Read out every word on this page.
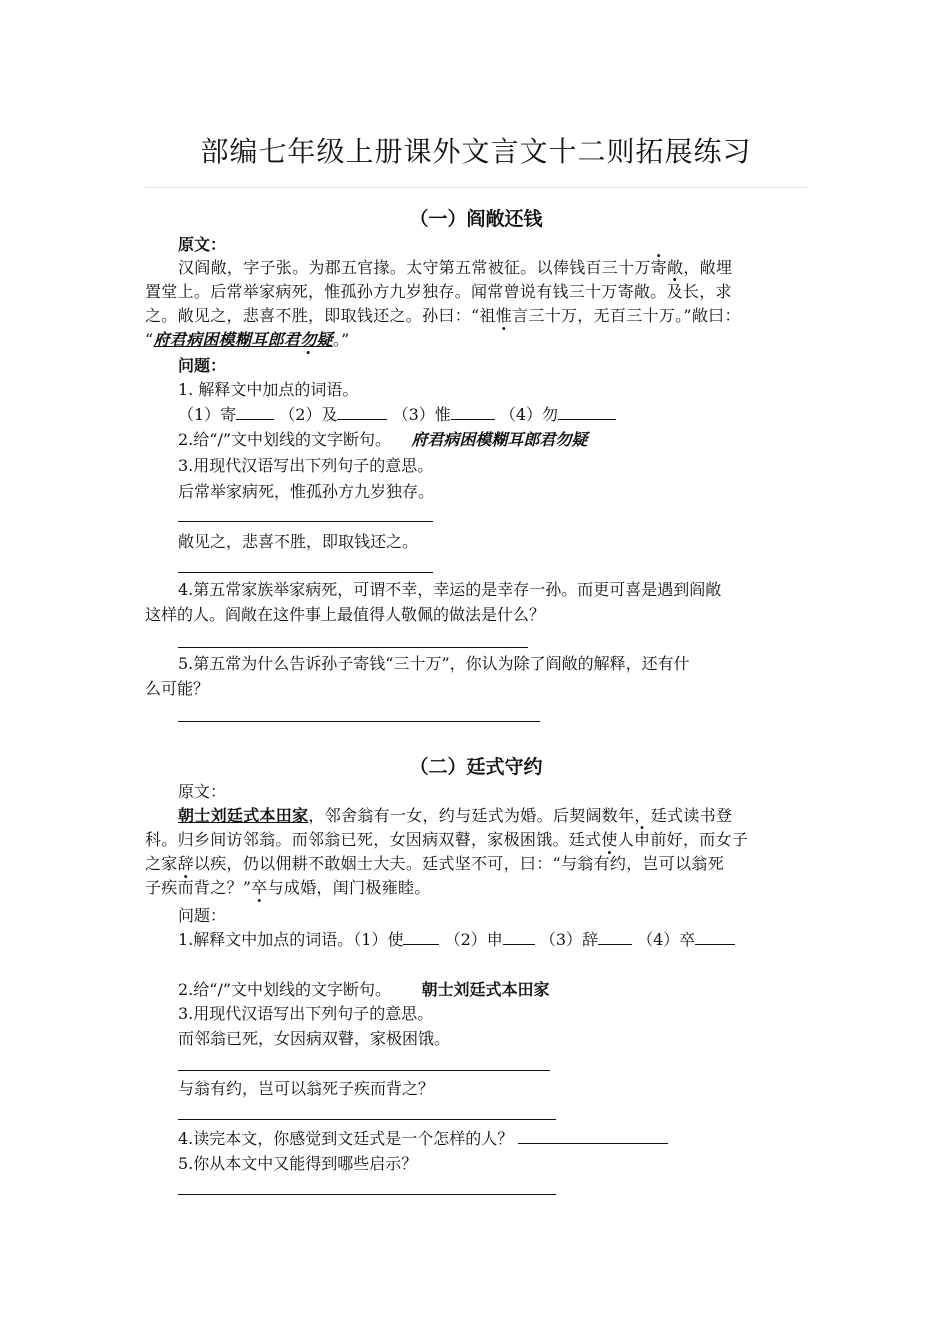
部编七年级上册课外文言文十二则拓展练习
（一）阎敞还钱
原文：
汉阎敞，字子张。为郡五官掾。太守第五常被征。以俸钱百三十万寄敞，敞埋
置堂上。后常举家病死，惟孤孙方九岁独存。闻常曾说有钱三十万寄敞。及长，求
之。敞见之，悲喜不胜，即取钱还之。孙曰：“祖惟言三十万，无百三十万。”敞曰：
“府君病困模糊耳郎君勿疑。”
问题：
1. 解释文中加点的词语。
（1）寄	（2）及	（3）惟	（4）勿
2.给“/”文中划线的文字断句。 府君病困模糊耳郎君勿疑
3.用现代汉语写出下列句子的意思。
后常举家病死，惟孤孙方九岁独存。
敞见之，悲喜不胜，即取钱还之。
4.第五常家族举家病死，可谓不幸，幸运的是幸存一孙。而更可喜是遇到阎敞
这样的人。阎敞在这件事上最值得人敬佩的做法是什么？
5.第五常为什么告诉孙子寄钱“三十万”，你认为除了阎敞的解释，还有什
么可能？
（二）廷式守约
原文：
朝士刘廷式本田家，邻舍翁有一女，约与廷式为婚。后契阔数年，廷式读书登
科。归乡间访邻翁。而邻翁已死，女因病双瞽，家极困饿。廷式使人申前好，而女子
之家辞以疾，仍以佣耕不敢姻士大夫。廷式坚不可，曰：“与翁有约，岂可以翁死
子疾而背之？”卒与成婚，闺门极雍睦。
问题：
1.解释文中加点的词语。（1）使	（2）申 （3）辞 （4）卒
2.给“/”文中划线的文字断句。 朝士刘廷式本田家
3.用现代汉语写出下列句子的意思。
而邻翁已死，女因病双瞽，家极困饿。
与翁有约，岂可以翁死子疾而背之？
4.读完本文，你感觉到文廷式是一个怎样的人？
5.你从本文中又能得到哪些启示？
